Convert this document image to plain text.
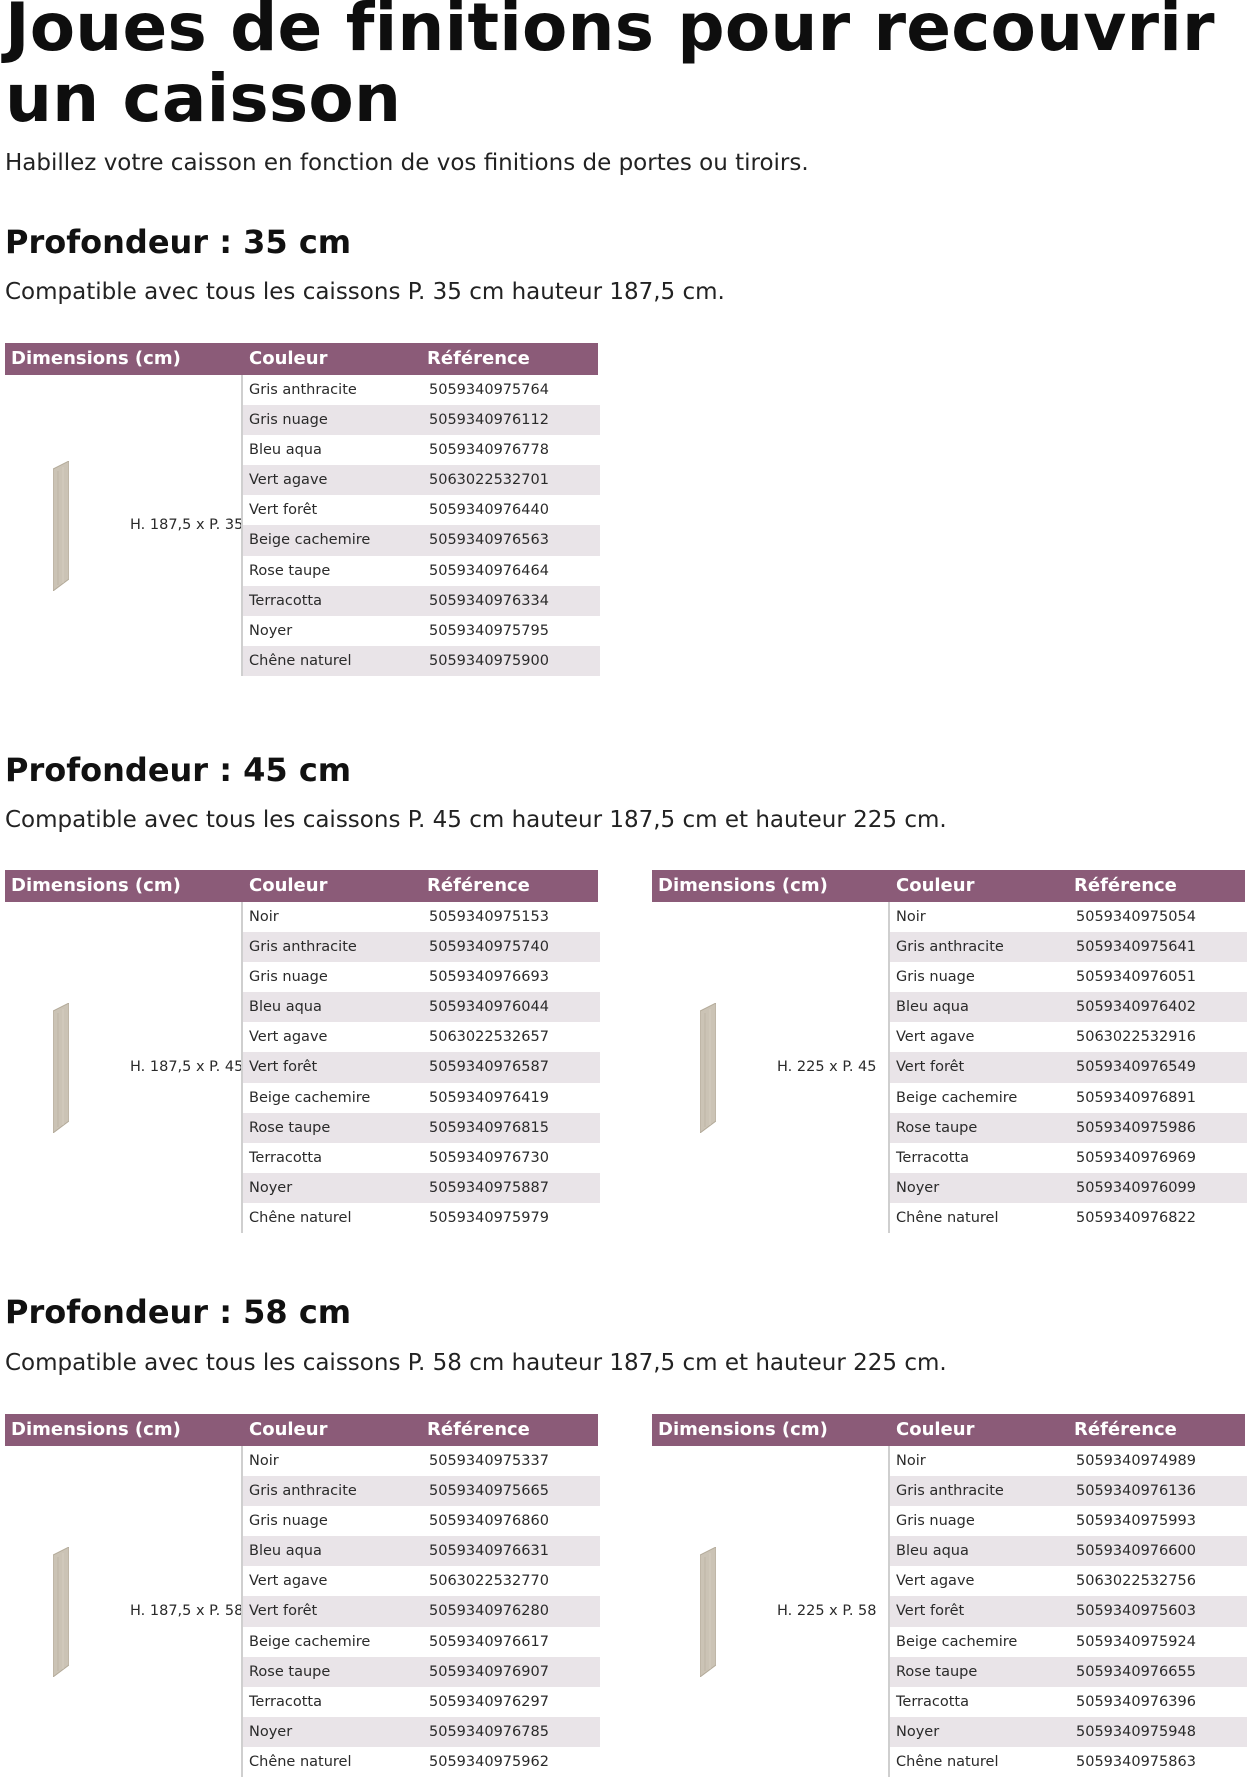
Joues de finitions pour recouvrir un caisson

Habillez votre caisson en fonction de vos finitions de portes ou tiroirs.

Profondeur : 35 cm

Compatible avec tous les caissons P. 35 cm hauteur 187,5 cm.

Dimensions (cm)	Couleur	Référence
H. 187,5 x P. 35
Gris anthracite	5059340975764
Gris nuage	5059340976112
Bleu aqua	5059340976778
Vert agave	5063022532701
Vert forêt	5059340976440
Beige cachemire	5059340976563
Rose taupe	5059340976464
Terracotta	5059340976334
Noyer	5059340975795
Chêne naturel	5059340975900
Profondeur : 45 cm

Compatible avec tous les caissons P. 45 cm hauteur 187,5 cm et hauteur 225 cm.

Dimensions (cm)	Couleur	Référence
H. 187,5 x P. 45
Noir	5059340975153
Gris anthracite	5059340975740
Gris nuage	5059340976693
Bleu aqua	5059340976044
Vert agave	5063022532657
Vert forêt	5059340976587
Beige cachemire	5059340976419
Rose taupe	5059340976815
Terracotta	5059340976730
Noyer	5059340975887
Chêne naturel	5059340975979
Dimensions (cm)	Couleur	Référence
H. 225 x P. 45
Noir	5059340975054
Gris anthracite	5059340975641
Gris nuage	5059340976051
Bleu aqua	5059340976402
Vert agave	5063022532916
Vert forêt	5059340976549
Beige cachemire	5059340976891
Rose taupe	5059340975986
Terracotta	5059340976969
Noyer	5059340976099
Chêne naturel	5059340976822
Profondeur : 58 cm

Compatible avec tous les caissons P. 58 cm hauteur 187,5 cm et hauteur 225 cm.

Dimensions (cm)	Couleur	Référence
H. 187,5 x P. 58
Noir	5059340975337
Gris anthracite	5059340975665
Gris nuage	5059340976860
Bleu aqua	5059340976631
Vert agave	5063022532770
Vert forêt	5059340976280
Beige cachemire	5059340976617
Rose taupe	5059340976907
Terracotta	5059340976297
Noyer	5059340976785
Chêne naturel	5059340975962
Dimensions (cm)	Couleur	Référence
H. 225 x P. 58
Noir	5059340974989
Gris anthracite	5059340976136
Gris nuage	5059340975993
Bleu aqua	5059340976600
Vert agave	5063022532756
Vert forêt	5059340975603
Beige cachemire	5059340975924
Rose taupe	5059340976655
Terracotta	5059340976396
Noyer	5059340975948
Chêne naturel	5059340975863
